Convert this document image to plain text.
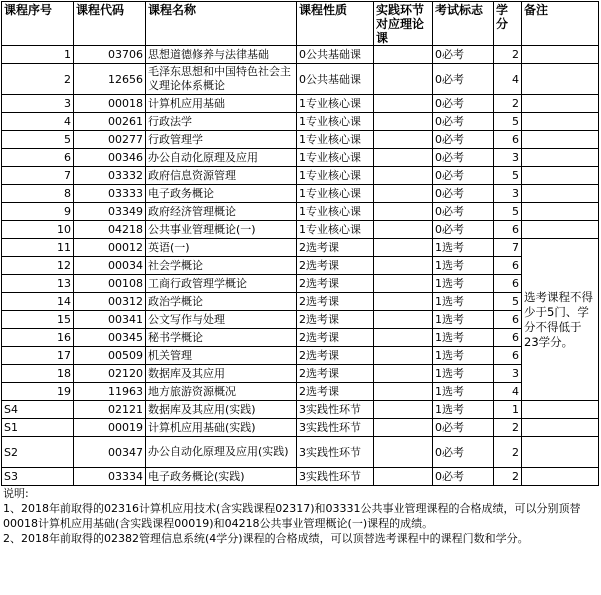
课程序号	课程代码	课程名称	课程性质	实践环节对应理论课	考试标志	学分	备注
1	03706	思想道德修养与法律基础	0公共基础课		0必考	2	
2	12656	毛泽东思想和中国特色社会主义理论体系概论	0公共基础课		0必考	4	
3	00018	计算机应用基础	1专业核心课		0必考	2	
4	00261	行政法学	1专业核心课		0必考	5	
5	00277	行政管理学	1专业核心课		0必考	6	
6	00346	办公自动化原理及应用	1专业核心课		0必考	3	
7	03332	政府信息资源管理	1专业核心课		0必考	5	
8	03333	电子政务概论	1专业核心课		0必考	3	
9	03349	政府经济管理概论	1专业核心课		0必考	5	
10	04218	公共事业管理概论(一)	1专业核心课		0必考	6	
11	00012	英语(一)	2选考课		1选考	7	选考课程不得少于5门、学分不得低于23学分。
12	00034	社会学概论	2选考课		1选考	6	
13	00108	工商行政管理学概论	2选考课		1选考	6	
14	00312	政治学概论	2选考课		1选考	5	
15	00341	公文写作与处理	2选考课		1选考	6	
16	00345	秘书学概论	2选考课		1选考	6	
17	00509	机关管理	2选考课		1选考	6	
18	02120	数据库及其应用	2选考课		1选考	3	
19	11963	地方旅游资源概况	2选考课		1选考	4	
S4	02121	数据库及其应用(实践)	3实践性环节		1选考	1	
S1	00019	计算机应用基础(实践)	3实践性环节		0必考	2	
S2	00347	办公自动化原理及应用(实践)	3实践性环节		0必考	2	
S3	03334	电子政务概论(实践)	3实践性环节		0必考	2	
说明:
1、2018年前取得的02316计算机应用技术(含实践课程02317)和03331公共事业管理课程的合格成绩，可以分别顶替00018计算机应用基础(含实践课程00019)和04218公共事业管理概论(一)课程的成绩。
2、2018年前取得的02382管理信息系统(4学分)课程的合格成绩，可以顶替选考课程中的课程门数和学分。
